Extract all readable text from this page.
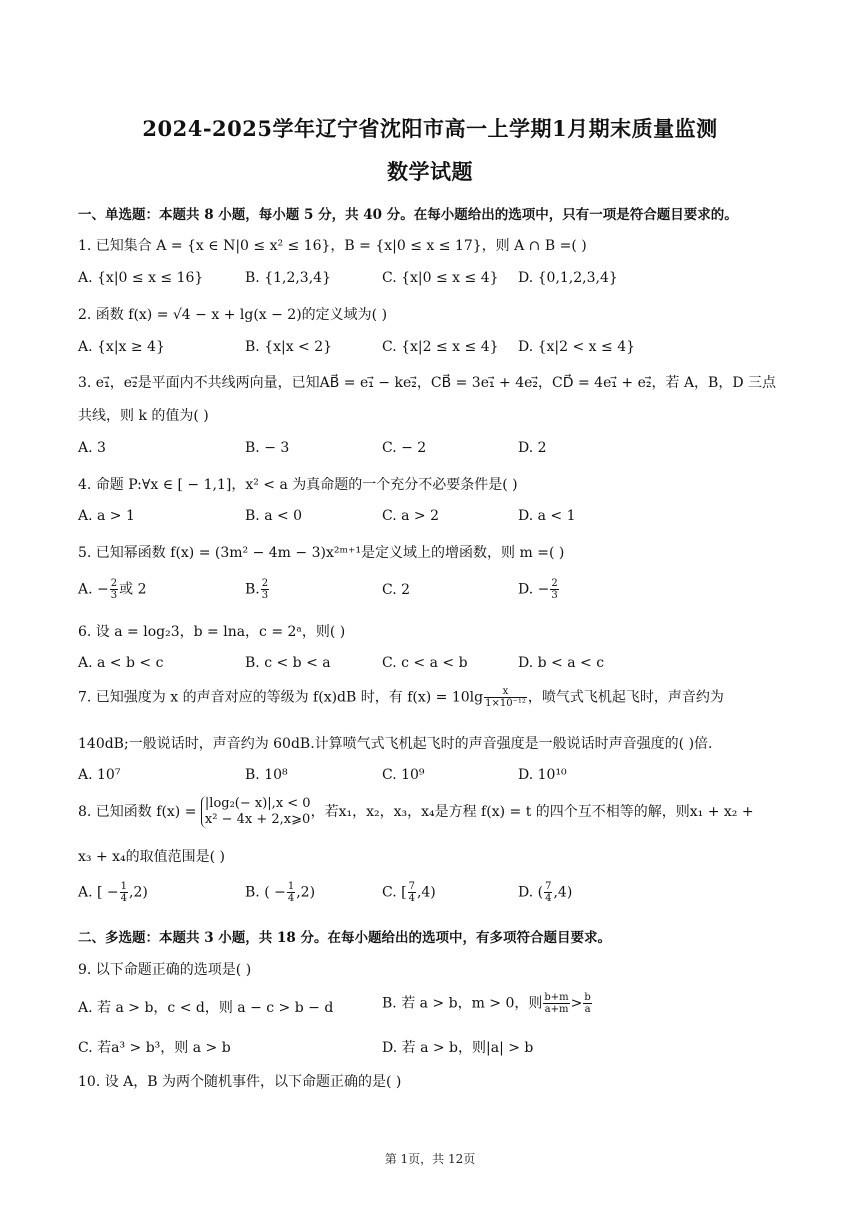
2024-2025学年辽宁省沈阳市高一上学期1月期末质量监测
数学试题
一、单选题：本题共 8 小题，每小题 5 分，共 40 分。在每小题给出的选项中，只有一项是符合题目要求的。
1. 已知集合 A = {x ∈ N|0 ≤ x² ≤ 16}，B = {x|0 ≤ x ≤ 17}，则 A ∩ B =( )
A. {x|0 ≤ x ≤ 16}	B. {1,2,3,4}	C. {x|0 ≤ x ≤ 4} D. {0,1,2,3,4}
2. 函数 f(x) = √4 − x + lg(x − 2)的定义域为( )
A. {x|x ≥ 4}	B. {x|x < 2}	C. {x|2 ≤ x ≤ 4} D. {x|2 < x ≤ 4}
3. e₁⃗，e₂⃗是平面内不共线两向量，已知AB⃗ = e₁⃗ − ke₂⃗，CB⃗ = 3e₁⃗ + 4e₂⃗，CD⃗ = 4e₁⃗ + e₂⃗，若 A，B，D 三点
共线，则 k 的值为( )
A. 3	B. − 3	C. − 2	D. 2
4. 命题 P:∀x ∈ [ − 1,1]，x² < a 为真命题的一个充分不必要条件是( )
A. a > 1	B. a < 0	C. a > 2	D. a < 1
5. 已知幂函数 f(x) = (3m² − 4m − 3)x²ᵐ⁺¹是定义域上的增函数，则 m =( )
A. − $\frac{2}{3}$ 或 2	B. $\frac{2}{3}$	C. 2	D. − $\frac{2}{3}$
6. 设 a = log₂3，b = lna，c = 2ᵃ，则( )
A. a < b < c	B. c < b < a	C. c < a < b	D. b < a < c
7. 已知强度为 x 的声音对应的等级为 f(x)dB 时，有 $f(x) = 10\lg \frac{x}{\text{1×10⁻¹²}}$ ，喷气式飞机起飞时，声音约为
140dB;一般说话时，声音约为 60dB.计算喷气式飞机起飞时的声音强度是一般说话时声音强度的( )倍.
A. 10⁷	B. 10⁸	C. 10⁹	D. 10¹⁰
8. 已知函数 f(x) =
|log₂(− x)|,x < 0
x² − 4x + 2,x⩾0 ，若x₁，x₂，x₃，x₄是方程 f(x) = t 的四个互不相等的解，则x₁ + x₂ +
x₃ + x₄的取值范围是( )
A. [ − $\frac{1}{4} ,2$)	B. ( − $\frac{1}{4} ,2$)	C. [ $\frac{7}{4} ,4$)	D. ( $\frac{7}{4} ,4$)
二、多选题：本题共 3 小题，共 18 分。在每小题给出的选项中，有多项符合题目要求。
9. 以下命题正确的选项是( )
A. 若 a > b，c < d，则 a − c > b − d	B. 若 a > b，m > 0，则 $\frac{b+m}{a+m} > \frac{b}{a}$
C. 若a³ > b³，则 a > b	D. 若 a > b，则|a| > b
10. 设 A，B 为两个随机事件，以下命题正确的是( )
第 1页，共 12页
